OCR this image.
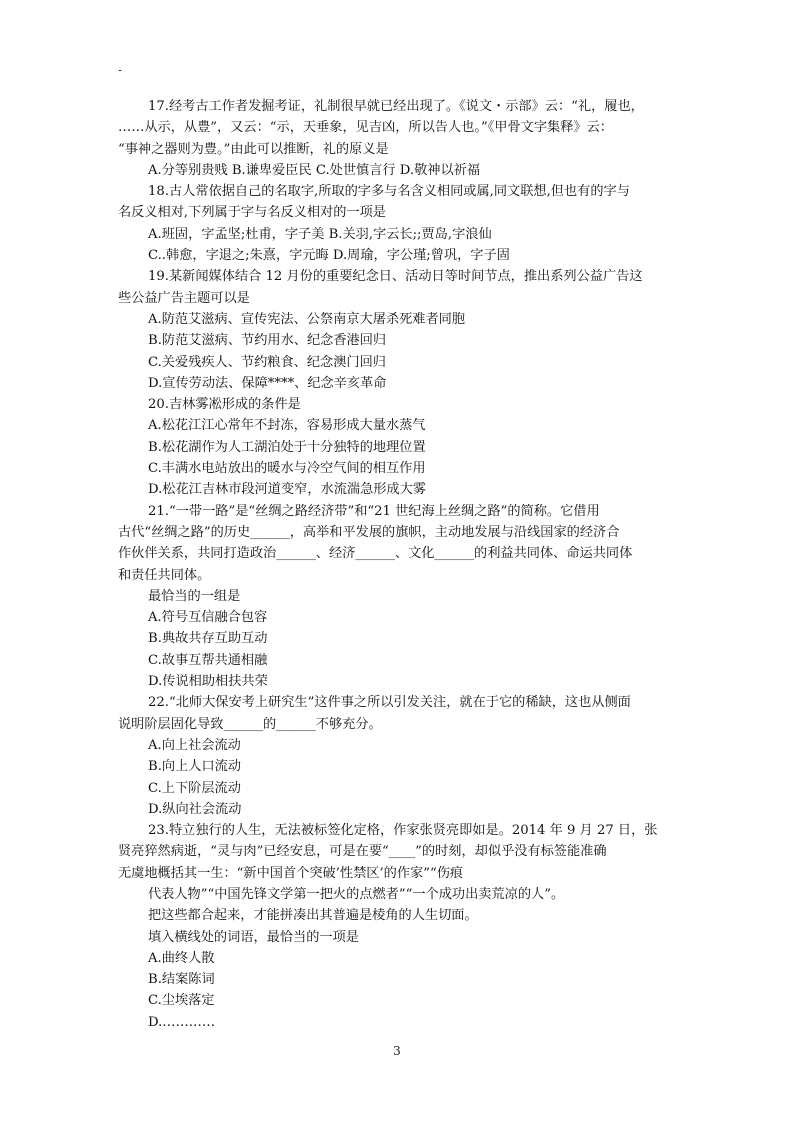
-
17.经考古工作者发掘考证，礼制很早就已经出现了。《说文・示部》云：“礼，履也，
……从示，从豊”，又云：“示，天垂象，见吉凶，所以告人也。”《甲骨文字集释》云：
“事神之器则为豊。”由此可以推断，礼的原义是
A.分等别贵贱 B.谦卑爱臣民 C.处世慎言行 D.敬神以祈福
18.古人常依据自己的名取字,所取的字多与名含义相同或属,同文联想,但也有的字与
名反义相对,下列属于字与名反义相对的一项是
A.班固，字孟坚;杜甫，字子美 B.关羽,字云长;;贾岛,字浪仙
C..韩愈，字退之;朱熹，字元晦 D.周瑜，字公瑾;曾巩，字子固
19.某新闻媒体结合 12 月份的重要纪念日、活动日等时间节点，推出系列公益广告这
些公益广告主题可以是
A.防范艾滋病、宣传宪法、公祭南京大屠杀死难者同胞
B.防范艾滋病、节约用水、纪念香港回归
C.关爱残疾人、节约粮食、纪念澳门回归
D.宣传劳动法、保障****、纪念辛亥革命
20.吉林雾凇形成的条件是
A.松花江江心常年不封冻，容易形成大量水蒸气
B.松花湖作为人工湖泊处于十分独特的地理位置
C.丰满水电站放出的暖水与冷空气间的相互作用
D.松花江吉林市段河道变窄，水流湍急形成大雾
21.“一带一路”是“丝绸之路经济带”和“21 世纪海上丝绸之路”的简称。它借用
古代“丝绸之路”的历史______，高举和平发展的旗帜，主动地发展与沿线国家的经济合
作伙伴关系，共同打造政治______、经济______、文化______的利益共同体、命运共同体
和责任共同体。
最恰当的一组是
A.符号互信融合包容
B.典故共存互助互动
C.故事互帮共通相融
D.传说相助相扶共荣
22.“北师大保安考上研究生”这件事之所以引发关注，就在于它的稀缺，这也从侧面
说明阶层固化导致______的______不够充分。
A.向上社会流动
B.向上人口流动
C.上下阶层流动
D.纵向社会流动
23.特立独行的人生，无法被标签化定格，作家张贤亮即如是。2014 年 9 月 27 日，张
贤亮猝然病逝，“灵与肉”已经安息，可是在要“____”的时刻，却似乎没有标签能准确
无虞地概括其一生：“新中国首个突破’性禁区’的作家”“伤痕
代表人物”“中国先锋文学第一把火的点燃者”“一个成功出卖荒凉的人”。
把这些都合起来，才能拼凑出其普遍是棱角的人生切面。
填入横线处的词语，最恰当的一项是
A.曲终人散
B.结案陈词
C.尘埃落定
D.…………
3
